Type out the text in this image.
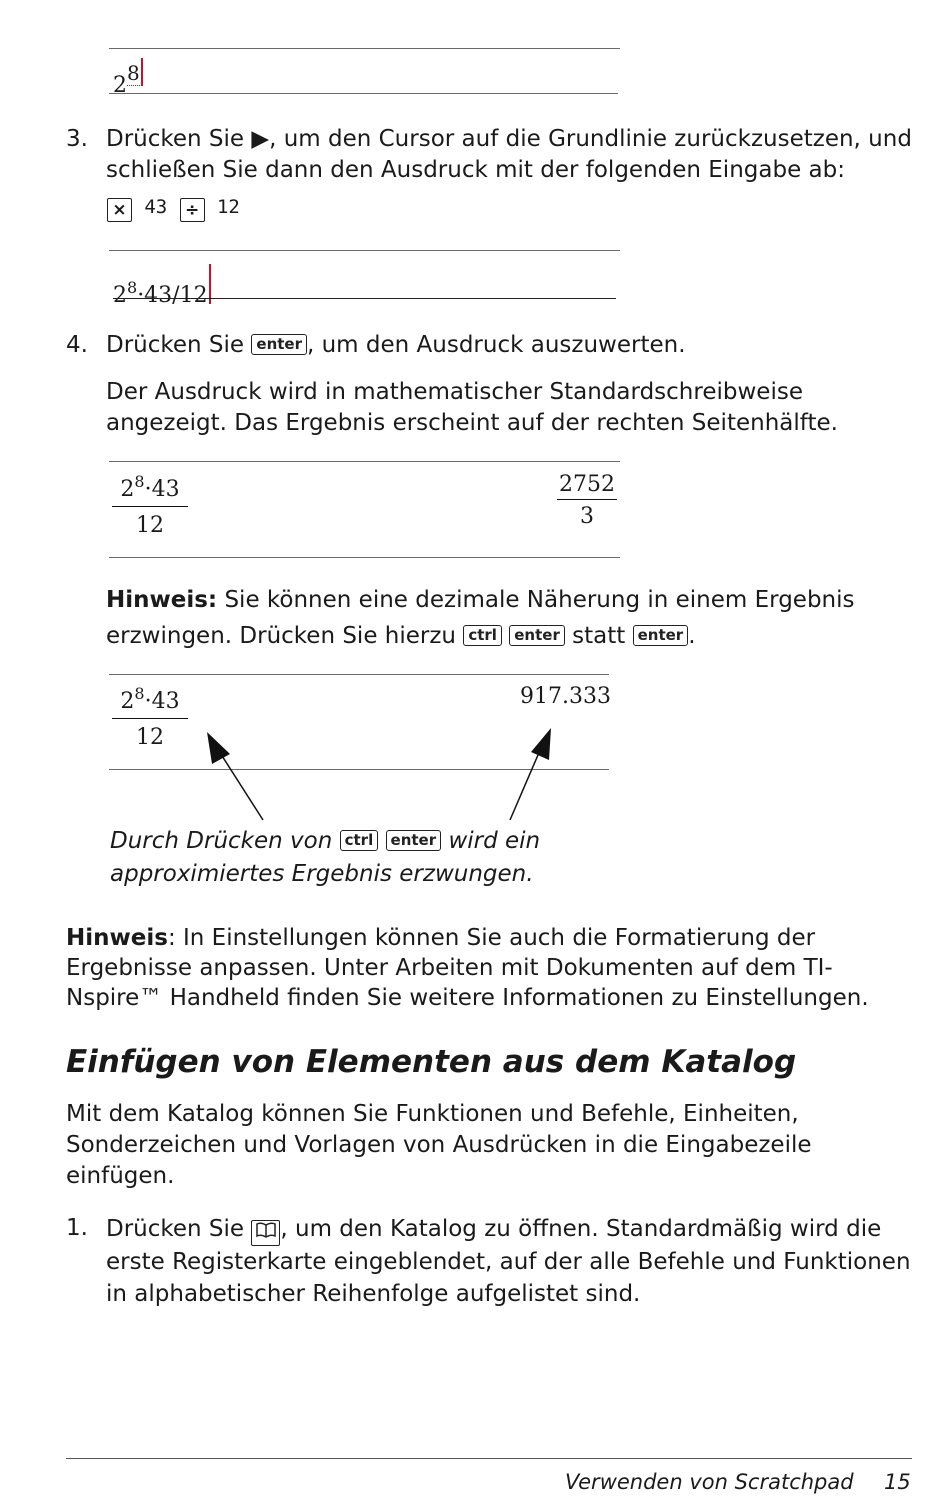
$2^8$
3. Drücken Sie ▶, um den Cursor auf die Grundlinie zurückzusetzen, und schließen Sie dann den Ausdruck mit der folgenden Eingabe ab:
× 43 ÷ 12
$2^8\cdot 43/12$
4. Drücken Sie enter , um den Ausdruck auszuwerten.
Der Ausdruck wird in mathematischer Standardschreibweise angezeigt. Das Ergebnis erscheint auf der rechten Seitenhälfte.
$2^8\cdot 43$
12
2752
3
Hinweis: Sie können eine dezimale Näherung in einem Ergebnis erzwingen. Drücken Sie hierzu ctrl enter statt enter .
$2^8\cdot 43$
12
917.333
Durch Drücken von ctrl enter wird ein
approximiertes Ergebnis erzwungen.
Hinweis: In Einstellungen können Sie auch die Formatierung der Ergebnisse anpassen. Unter Arbeiten mit Dokumenten auf dem TI-Nspire™ Handheld finden Sie weitere Informationen zu Einstellungen.
Einfügen von Elementen aus dem Katalog
Mit dem Katalog können Sie Funktionen und Befehle, Einheiten, Sonderzeichen und Vorlagen von Ausdrücken in die Eingabezeile einfügen.
1. Drücken Sie , um den Katalog zu öffnen. Standardmäßig wird die erste Registerkarte eingeblendet, auf der alle Befehle und Funktionen in alphabetischer Reihenfolge aufgelistet sind.
Verwenden von Scratchpad 15
